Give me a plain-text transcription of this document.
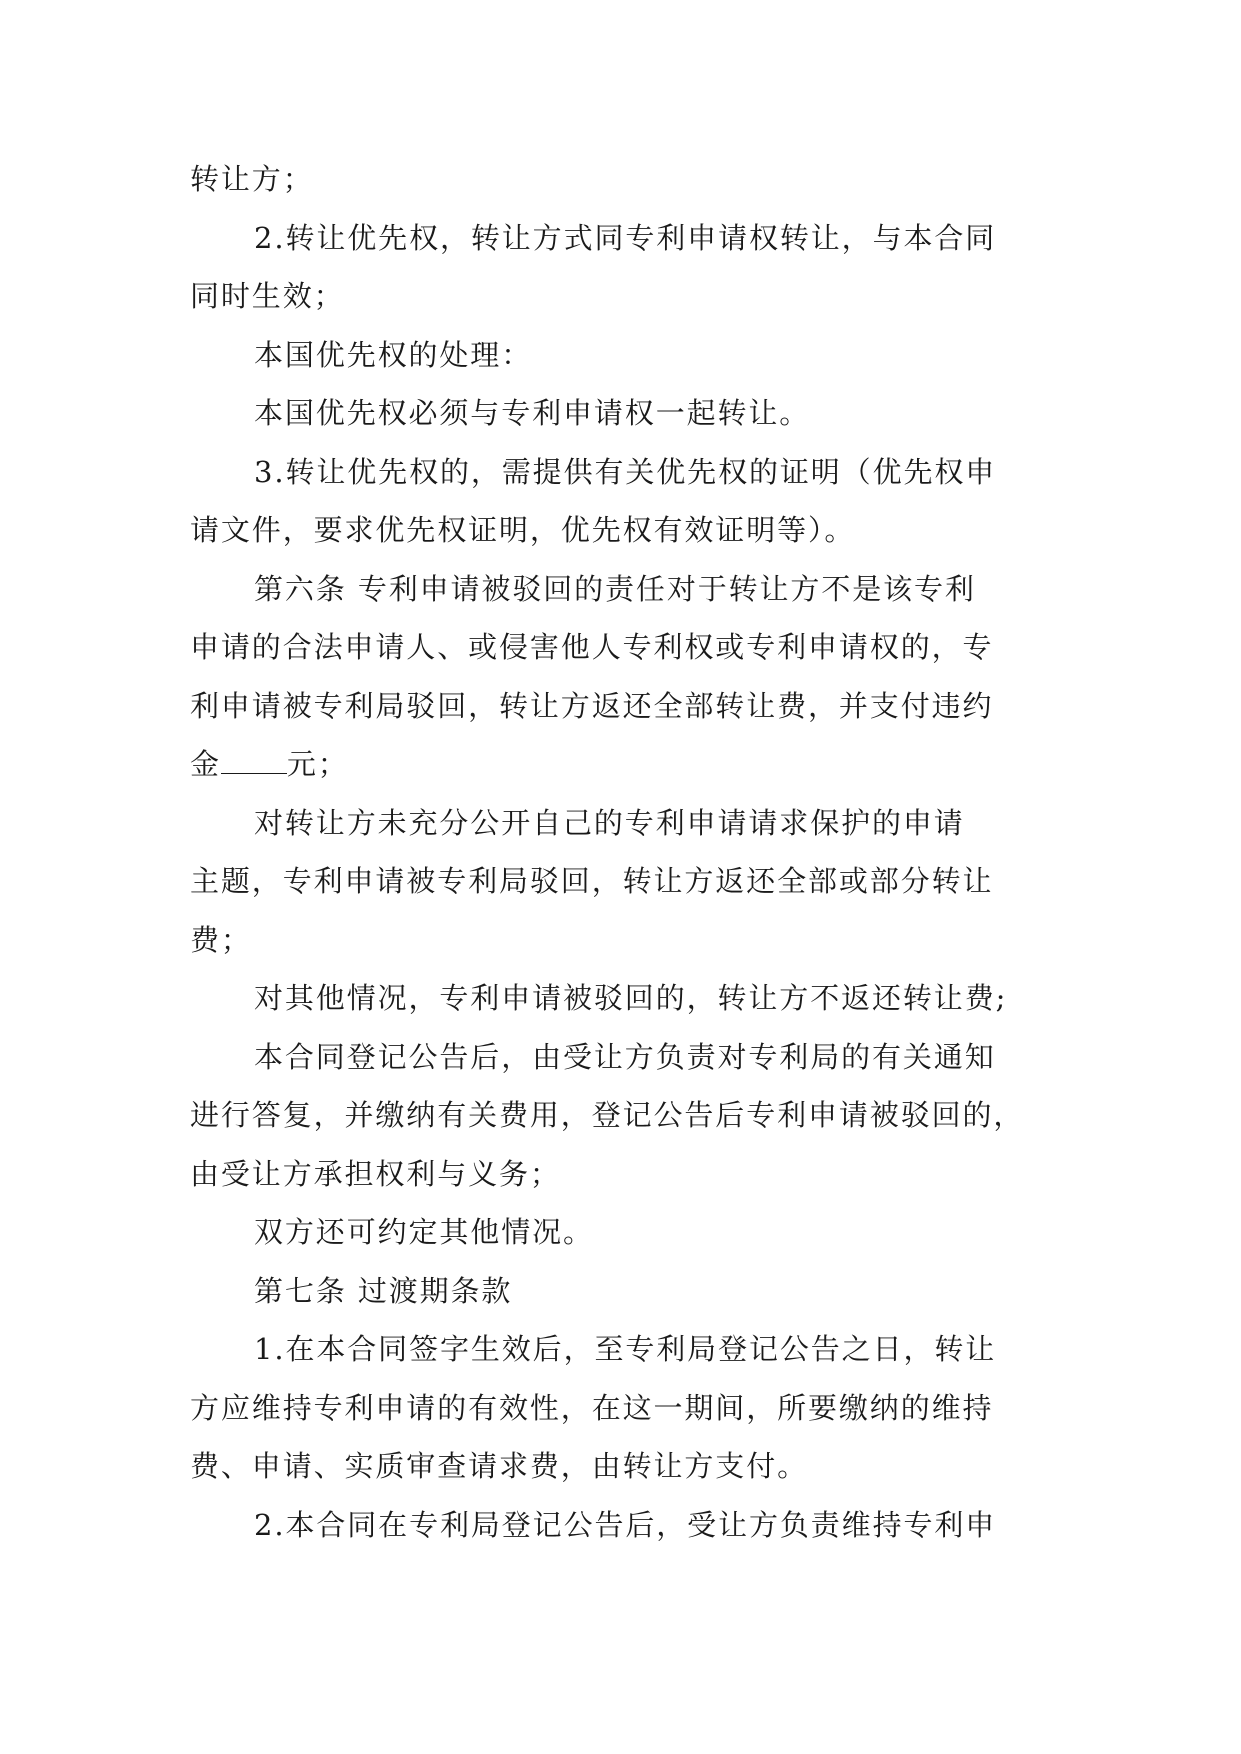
转让方；

2.转让优先权，转让方式同专利申请权转让，与本合同
同时生效；

本国优先权的处理：

本国优先权必须与专利申请权一起转让。

3.转让优先权的，需提供有关优先权的证明（优先权申
请文件，要求优先权证明，优先权有效证明等）。

第六条 专利申请被驳回的责任对于转让方不是该专利
申请的合法申请人、或侵害他人专利权或专利申请权的，专
利申请被专利局驳回，转让方返还全部转让费，并支付违约
金 元；

对转让方未充分公开自己的专利申请请求保护的申请
主题，专利申请被专利局驳回，转让方返还全部或部分转让
费；

对其他情况，专利申请被驳回的，转让方不返还转让费;

本合同登记公告后，由受让方负责对专利局的有关通知
进行答复，并缴纳有关费用，登记公告后专利申请被驳回的，
由受让方承担权利与义务；

双方还可约定其他情况。

第七条 过渡期条款

1.在本合同签字生效后，至专利局登记公告之日，转让
方应维持专利申请的有效性，在这一期间，所要缴纳的维持
费、申请、实质审查请求费，由转让方支付。

2.本合同在专利局登记公告后，受让方负责维持专利申
